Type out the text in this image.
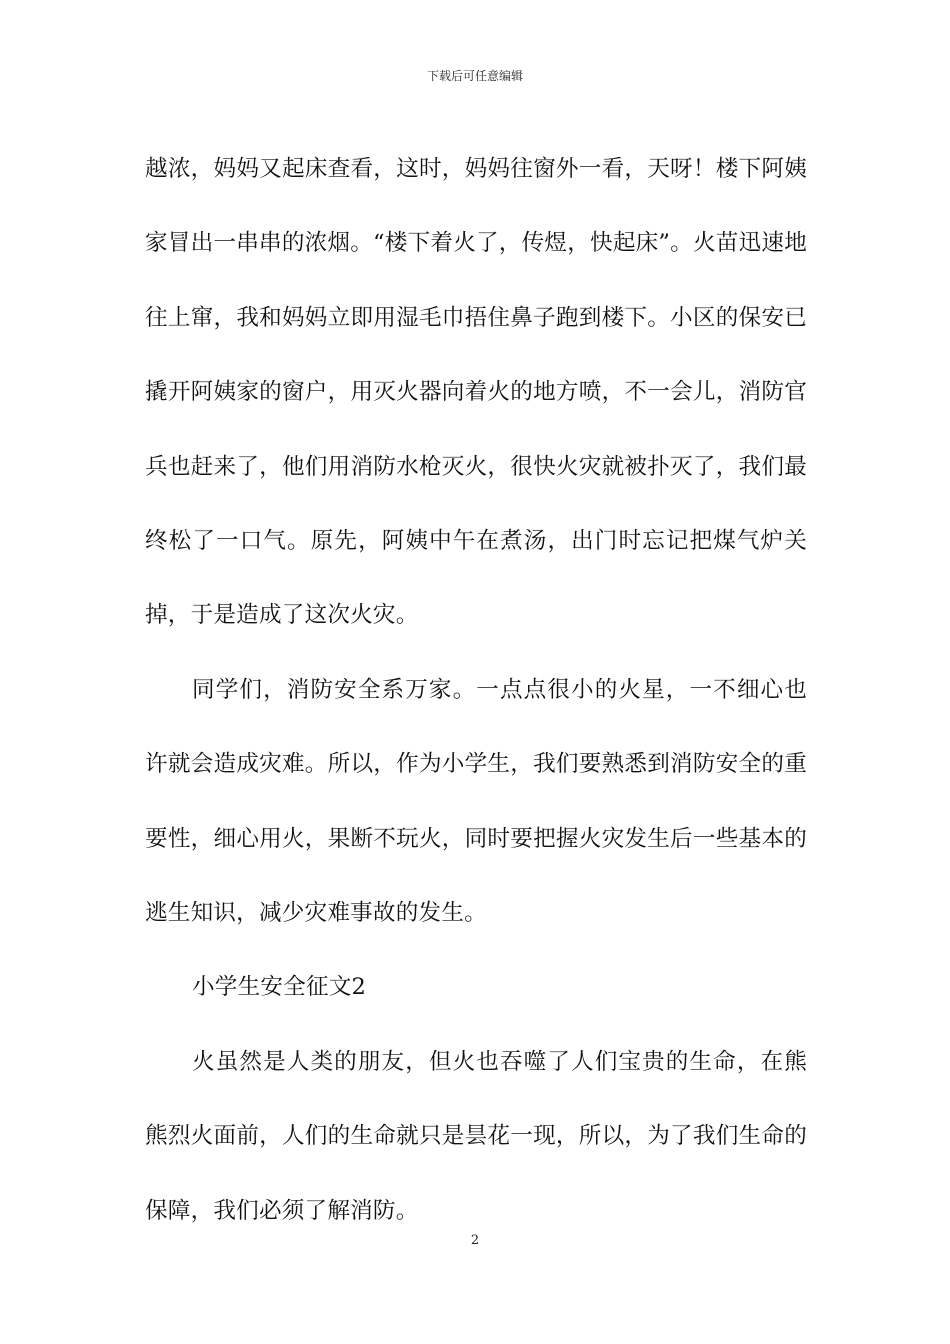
下载后可任意编辑

越浓，妈妈又起床查看，这时，妈妈往窗外一看，天呀！楼下阿姨家冒出一串串的浓烟。“楼下着火了，传煜，快起床”。火苗迅速地往上窜，我和妈妈立即用湿毛巾捂住鼻子跑到楼下。小区的保安已撬开阿姨家的窗户，用灭火器向着火的地方喷，不一会儿，消防官兵也赶来了，他们用消防水枪灭火，很快火灾就被扑灭了，我们最终松了一口气。原先，阿姨中午在煮汤，出门时忘记把煤气炉关掉，于是造成了这次火灾。

同学们，消防安全系万家。一点点很小的火星，一不细心也许就会造成灾难。所以，作为小学生，我们要熟悉到消防安全的重要性，细心用火，果断不玩火，同时要把握火灾发生后一些基本的逃生知识，减少灾难事故的发生。

小学生安全征文2

火虽然是人类的朋友，但火也吞噬了人们宝贵的生命，在熊熊烈火面前，人们的生命就只是昙花一现，所以，为了我们生命的保障，我们必须了解消防。

2
